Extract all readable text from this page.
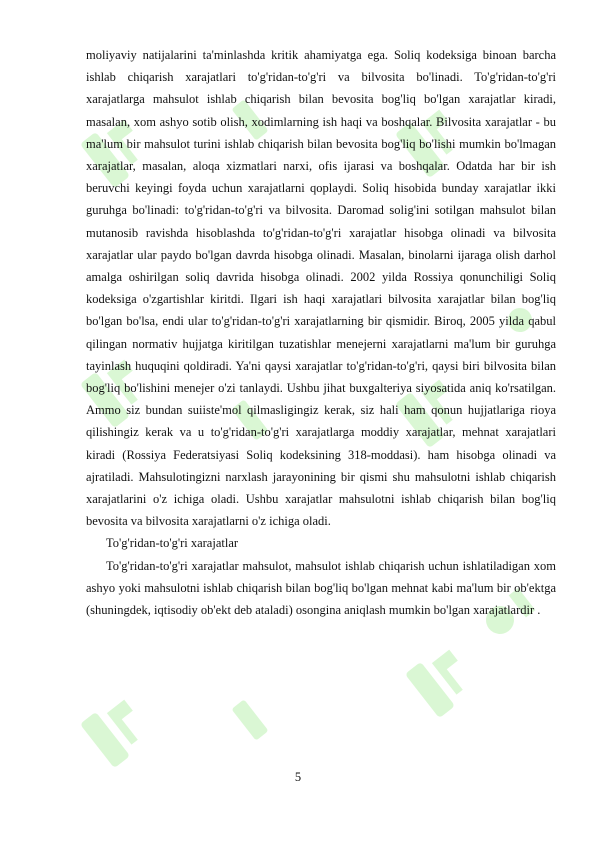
moliyaviy natijalarini ta'minlashda kritik ahamiyatga ega. Soliq kodeksiga binoan barcha ishlab chiqarish xarajatlari to'g'ridan-to'g'ri va bilvosita bo'linadi. To'g'ridan-to'g'ri xarajatlarga mahsulot ishlab chiqarish bilan bevosita bog'liq bo'lgan xarajatlar kiradi, masalan, xom ashyo sotib olish, xodimlarning ish haqi va boshqalar. Bilvosita xarajatlar - bu ma'lum bir mahsulot turini ishlab chiqarish bilan bevosita bog'liq bo'lishi mumkin bo'lmagan xarajatlar, masalan, aloqa xizmatlari narxi, ofis ijarasi va boshqalar. Odatda har bir ish beruvchi keyingi foyda uchun xarajatlarni qoplaydi. Soliq hisobida bunday xarajatlar ikki guruhga bo'linadi: to'g'ridan-to'g'ri va bilvosita. Daromad solig'ini sotilgan mahsulot bilan mutanosib ravishda hisoblashda to'g'ridan-to'g'ri xarajatlar hisobga olinadi va bilvosita xarajatlar ular paydo bo'lgan davrda hisobga olinadi. Masalan, binolarni ijaraga olish darhol amalga oshirilgan soliq davrida hisobga olinadi. 2002 yilda Rossiya qonunchiligi Soliq kodeksiga o'zgartishlar kiritdi. Ilgari ish haqi xarajatlari bilvosita xarajatlar bilan bog'liq bo'lgan bo'lsa, endi ular to'g'ridan-to'g'ri xarajatlarning bir qismidir. Biroq, 2005 yilda qabul qilingan normativ hujjatga kiritilgan tuzatishlar menejerni xarajatlarni ma'lum bir guruhga tayinlash huquqini qoldiradi. Ya'ni qaysi xarajatlar to'g'ridan-to'g'ri, qaysi biri bilvosita bilan bog'liq bo'lishini menejer o'zi tanlaydi. Ushbu jihat buxgalteriya siyosatida aniq ko'rsatilgan. Ammo siz bundan suiiste'mol qilmasligingiz kerak, siz hali ham qonun hujjatlariga rioya qilishingiz kerak va u to'g'ridan-to'g'ri xarajatlarga moddiy xarajatlar, mehnat xarajatlari kiradi (Rossiya Federatsiyasi Soliq kodeksining 318-moddasi). ham hisobga olinadi va ajratiladi. Mahsulotingizni narxlash jarayonining bir qismi shu mahsulotni ishlab chiqarish xarajatlarini o'z ichiga oladi. Ushbu xarajatlar mahsulotni ishlab chiqarish bilan bog'liq bevosita va bilvosita xarajatlarni o'z ichiga oladi.

To'g'ridan-to'g'ri xarajatlar

To'g'ridan-to'g'ri xarajatlar mahsulot, mahsulot ishlab chiqarish uchun ishlatiladigan xom ashyo yoki mahsulotni ishlab chiqarish bilan bog'liq bo'lgan mehnat kabi ma'lum bir ob'ektga (shuningdek, iqtisodiy ob'ekt deb ataladi) osongina aniqlash mumkin bo'lgan xarajatlardir .

5
